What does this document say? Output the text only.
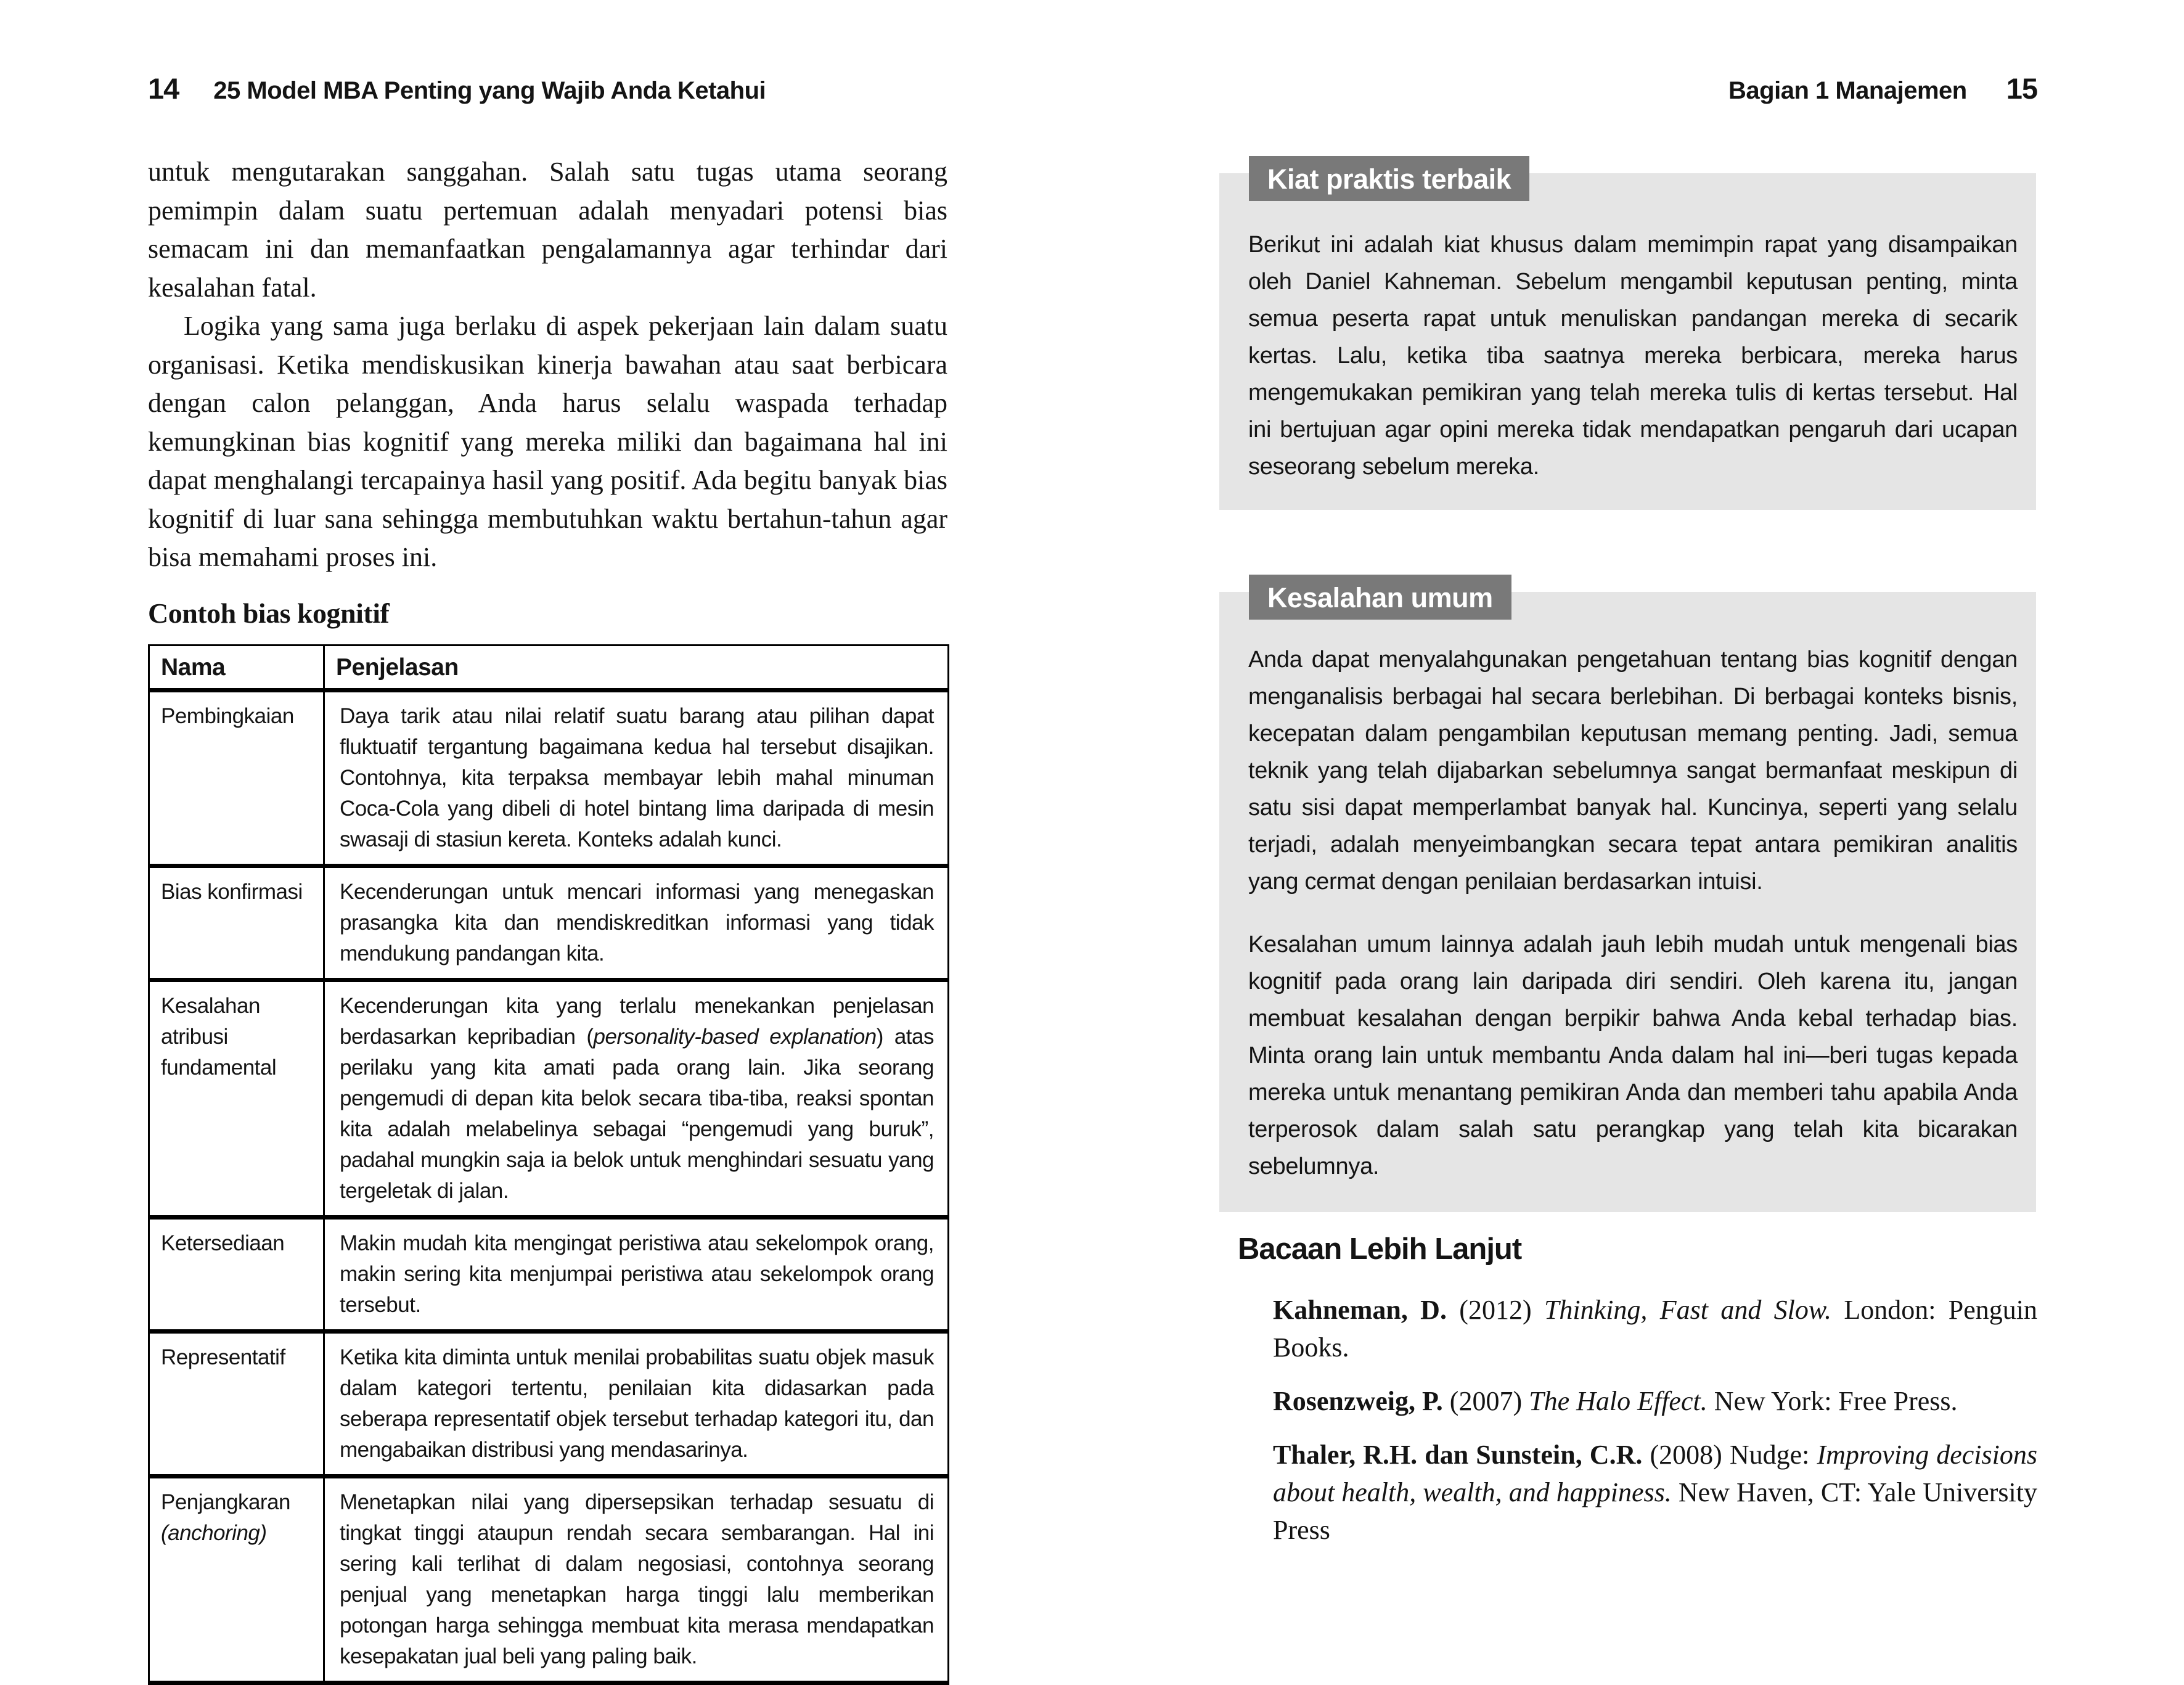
14 25 Model MBA Penting yang Wajib Anda Ketahui	Bagian 1 Manajemen 15

untuk mengutarakan sanggahan. Salah satu tugas utama seorang pemimpin dalam suatu pertemuan adalah menyadari potensi bias semacam ini dan memanfaatkan pengalamannya agar terhindar dari kesalahan fatal.

Logika yang sama juga berlaku di aspek pekerjaan lain dalam suatu organisasi. Ketika mendiskusikan kinerja bawahan atau saat berbicara dengan calon pelanggan, Anda harus selalu waspada terhadap kemungkinan bias kognitif yang mereka miliki dan bagaimana hal ini dapat menghalangi tercapainya hasil yang positif. Ada begitu banyak bias kognitif di luar sana sehingga membutuhkan waktu bertahun-tahun agar bisa memahami proses ini.

Contoh bias kognitif
Nama	Penjelasan
Pembingkaian	Daya tarik atau nilai relatif suatu barang atau pilihan dapat fluktuatif tergantung bagaimana kedua hal tersebut disajikan. Contohnya, kita terpaksa membayar lebih mahal minuman Coca-Cola yang dibeli di hotel bintang lima daripada di mesin swasaji di stasiun kereta. Konteks adalah kunci.
Bias konfirmasi	Kecenderungan untuk mencari informasi yang menegaskan prasangka kita dan mendiskreditkan informasi yang tidak mendukung pandangan kita.
Kesalahan atribusi fundamental	Kecenderungan kita yang terlalu menekankan penjelasan berdasarkan kepribadian (personality-based explanation) atas perilaku yang kita amati pada orang lain. Jika seorang pengemudi di depan kita belok secara tiba-tiba, reaksi spontan kita adalah melabelinya sebagai “pengemudi yang buruk”, padahal mungkin saja ia belok untuk menghindari sesuatu yang tergeletak di jalan.
Ketersediaan	Makin mudah kita mengingat peristiwa atau sekelompok orang, makin sering kita menjumpai peristiwa atau sekelompok orang tersebut.
Representatif	Ketika kita diminta untuk menilai probabilitas suatu objek masuk dalam kategori tertentu, penilaian kita didasarkan pada seberapa representatif objek tersebut terhadap kategori itu, dan mengabaikan distribusi yang mendasarinya.
Penjangkaran (anchoring)	Menetapkan nilai yang dipersepsikan terhadap sesuatu di tingkat tinggi ataupun rendah secara sembarangan. Hal ini sering kali terlihat di dalam negosiasi, contohnya seorang penjual yang menetapkan harga tinggi lalu memberikan potongan harga sehingga membuat kita merasa mendapatkan kesepakatan jual beli yang paling baik.
Kiat praktis terbaik

Berikut ini adalah kiat khusus dalam memimpin rapat yang disampaikan oleh Daniel Kahneman. Sebelum mengambil keputusan penting, minta semua peserta rapat untuk menuliskan pandangan mereka di secarik kertas. Lalu, ketika tiba saatnya mereka berbicara, mereka harus mengemukakan pemikiran yang telah mereka tulis di kertas tersebut. Hal ini bertujuan agar opini mereka tidak mendapatkan pengaruh dari ucapan seseorang sebelum mereka.

Kesalahan umum

Anda dapat menyalahgunakan pengetahuan tentang bias kognitif dengan menganalisis berbagai hal secara berlebihan. Di berbagai konteks bisnis, kecepatan dalam pengambilan keputusan memang penting. Jadi, semua teknik yang telah dijabarkan sebelumnya sangat bermanfaat meskipun di satu sisi dapat memperlambat banyak hal. Kuncinya, seperti yang selalu terjadi, adalah menyeimbangkan secara tepat antara pemikiran analitis yang cermat dengan penilaian berdasarkan intuisi.

Kesalahan umum lainnya adalah jauh lebih mudah untuk mengenali bias kognitif pada orang lain daripada diri sendiri. Oleh karena itu, jangan membuat kesalahan dengan berpikir bahwa Anda kebal terhadap bias. Minta orang lain untuk membantu Anda dalam hal ini—beri tugas kepada mereka untuk menantang pemikiran Anda dan memberi tahu apabila Anda terperosok dalam salah satu perangkap yang telah kita bicarakan sebelumnya.

Bacaan Lebih Lanjut

Kahneman, D. (2012) Thinking, Fast and Slow. London: Penguin Books.

Rosenzweig, P. (2007) The Halo Effect. New York: Free Press.

Thaler, R.H. dan Sunstein, C.R. (2008) Nudge: Improving decisions about health, wealth, and happiness. New Haven, CT: Yale University Press
